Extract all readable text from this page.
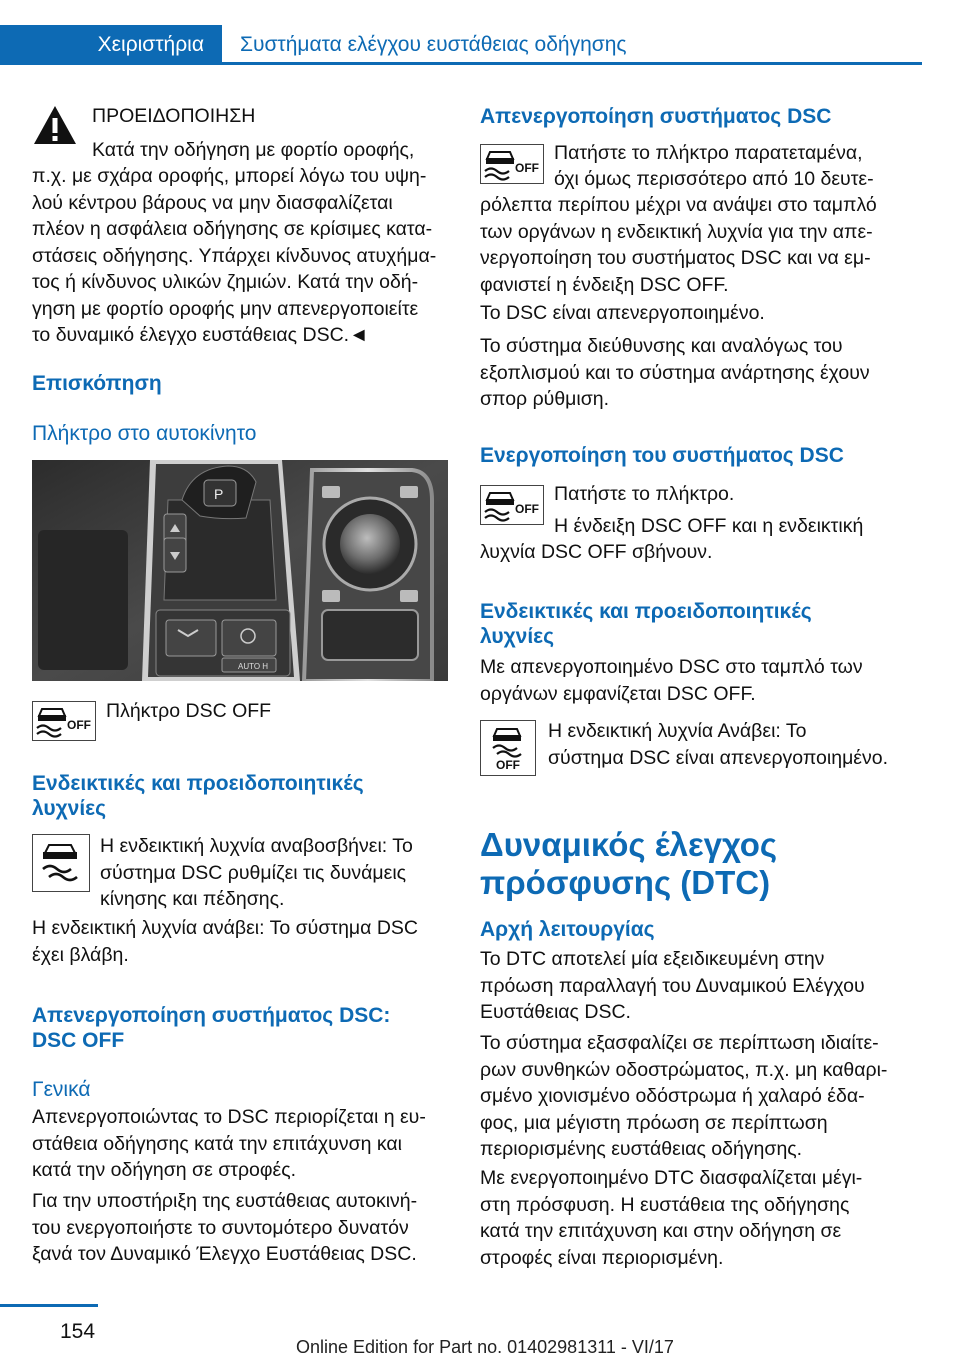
Χειριστήρια Συστήματα ελέγχου ευστάθειας οδήγησης
ΠΡΟΕΙΔΟΠΟΙΗΣΗ
Κατά την οδήγηση με φορτίο οροφής,
π.χ. με σχάρα οροφής, μπορεί λόγω του υψη-
λού κέντρου βάρους να μην διασφαλίζεται
πλέον η ασφάλεια οδήγησης σε κρίσιμες κατα-
στάσεις οδήγησης. Υπάρχει κίνδυνος ατυχήμα-
τος ή κίνδυνος υλικών ζημιών. Κατά την οδή-
γηση με φορτίο οροφής μην απενεργοποιείτε
το δυναμικό έλεγχο ευστάθειας DSC.◄
Επισκόπηση
Πλήκτρο στο αυτοκίνητο
AUTO H
P
OFF
Πλήκτρο DSC OFF
Ενδεικτικές και προειδοποιητικές
λυχνίες
Η ενδεικτική λυχνία αναβοσβήνει: Το
σύστημα DSC ρυθμίζει τις δυνάμεις
κίνησης και πέδησης.
Η ενδεικτική λυχνία ανάβει: Το σύστημα DSC
έχει βλάβη.
Απενεργοποίηση συστήματος DSC:
DSC OFF
Γενικά
Απενεργοποιώντας το DSC περιορίζεται η ευ-
στάθεια οδήγησης κατά την επιτάχυνση και
κατά την οδήγηση σε στροφές.
Για την υποστήριξη της ευστάθειας αυτοκινή-
του ενεργοποιήστε το συντομότερο δυνατόν
ξανά τον Δυναμικό Έλεγχο Ευστάθειας DSC.
Απενεργοποίηση συστήματος DSC
OFF
Πατήστε το πλήκτρο παρατεταμένα,
όχι όμως περισσότερο από 10 δευτε-
ρόλεπτα περίπου μέχρι να ανάψει στο ταμπλό
των οργάνων η ενδεικτική λυχνία για την απε-
νεργοποίηση του συστήματος DSC και να εμ-
φανιστεί η ένδειξη DSC OFF.
Το DSC είναι απενεργοποιημένο.
Το σύστημα διεύθυνσης και αναλόγως του
εξοπλισμού και το σύστημα ανάρτησης έχουν
σπορ ρύθμιση.
Ενεργοποίηση του συστήματος DSC
OFF
Πατήστε το πλήκτρο.
Η ένδειξη DSC OFF και η ενδεικτική
λυχνία DSC OFF σβήνουν.
Ενδεικτικές και προειδοποιητικές
λυχνίες
Με απενεργοποιημένο DSC στο ταμπλό των
οργάνων εμφανίζεται DSC OFF.
OFF
Η ενδεικτική λυχνία Ανάβει: Το
σύστημα DSC είναι απενεργοποιημένο.
Δυναμικός έλεγχος
πρόσφυσης (DTC)
Αρχή λειτουργίας
Το DTC αποτελεί μία εξειδικευμένη στην
πρόωση παραλλαγή του Δυναμικού Ελέγχου
Ευστάθειας DSC.
Το σύστημα εξασφαλίζει σε περίπτωση ιδιαίτε-
ρων συνθηκών οδοστρώματος, π.χ. μη καθαρι-
σμένο χιονισμένο οδόστρωμα ή χαλαρό έδα-
φος, μια μέγιστη πρόωση σε περίπτωση
περιορισμένης ευστάθειας οδήγησης.
Με ενεργοποιημένο DTC διασφαλίζεται μέγι-
στη πρόσφυση. Η ευστάθεια της οδήγησης
κατά την επιτάχυνση και στην οδήγηση σε
στροφές είναι περιορισμένη.
154
Online Edition for Part no. 01402981311 - VI/17
